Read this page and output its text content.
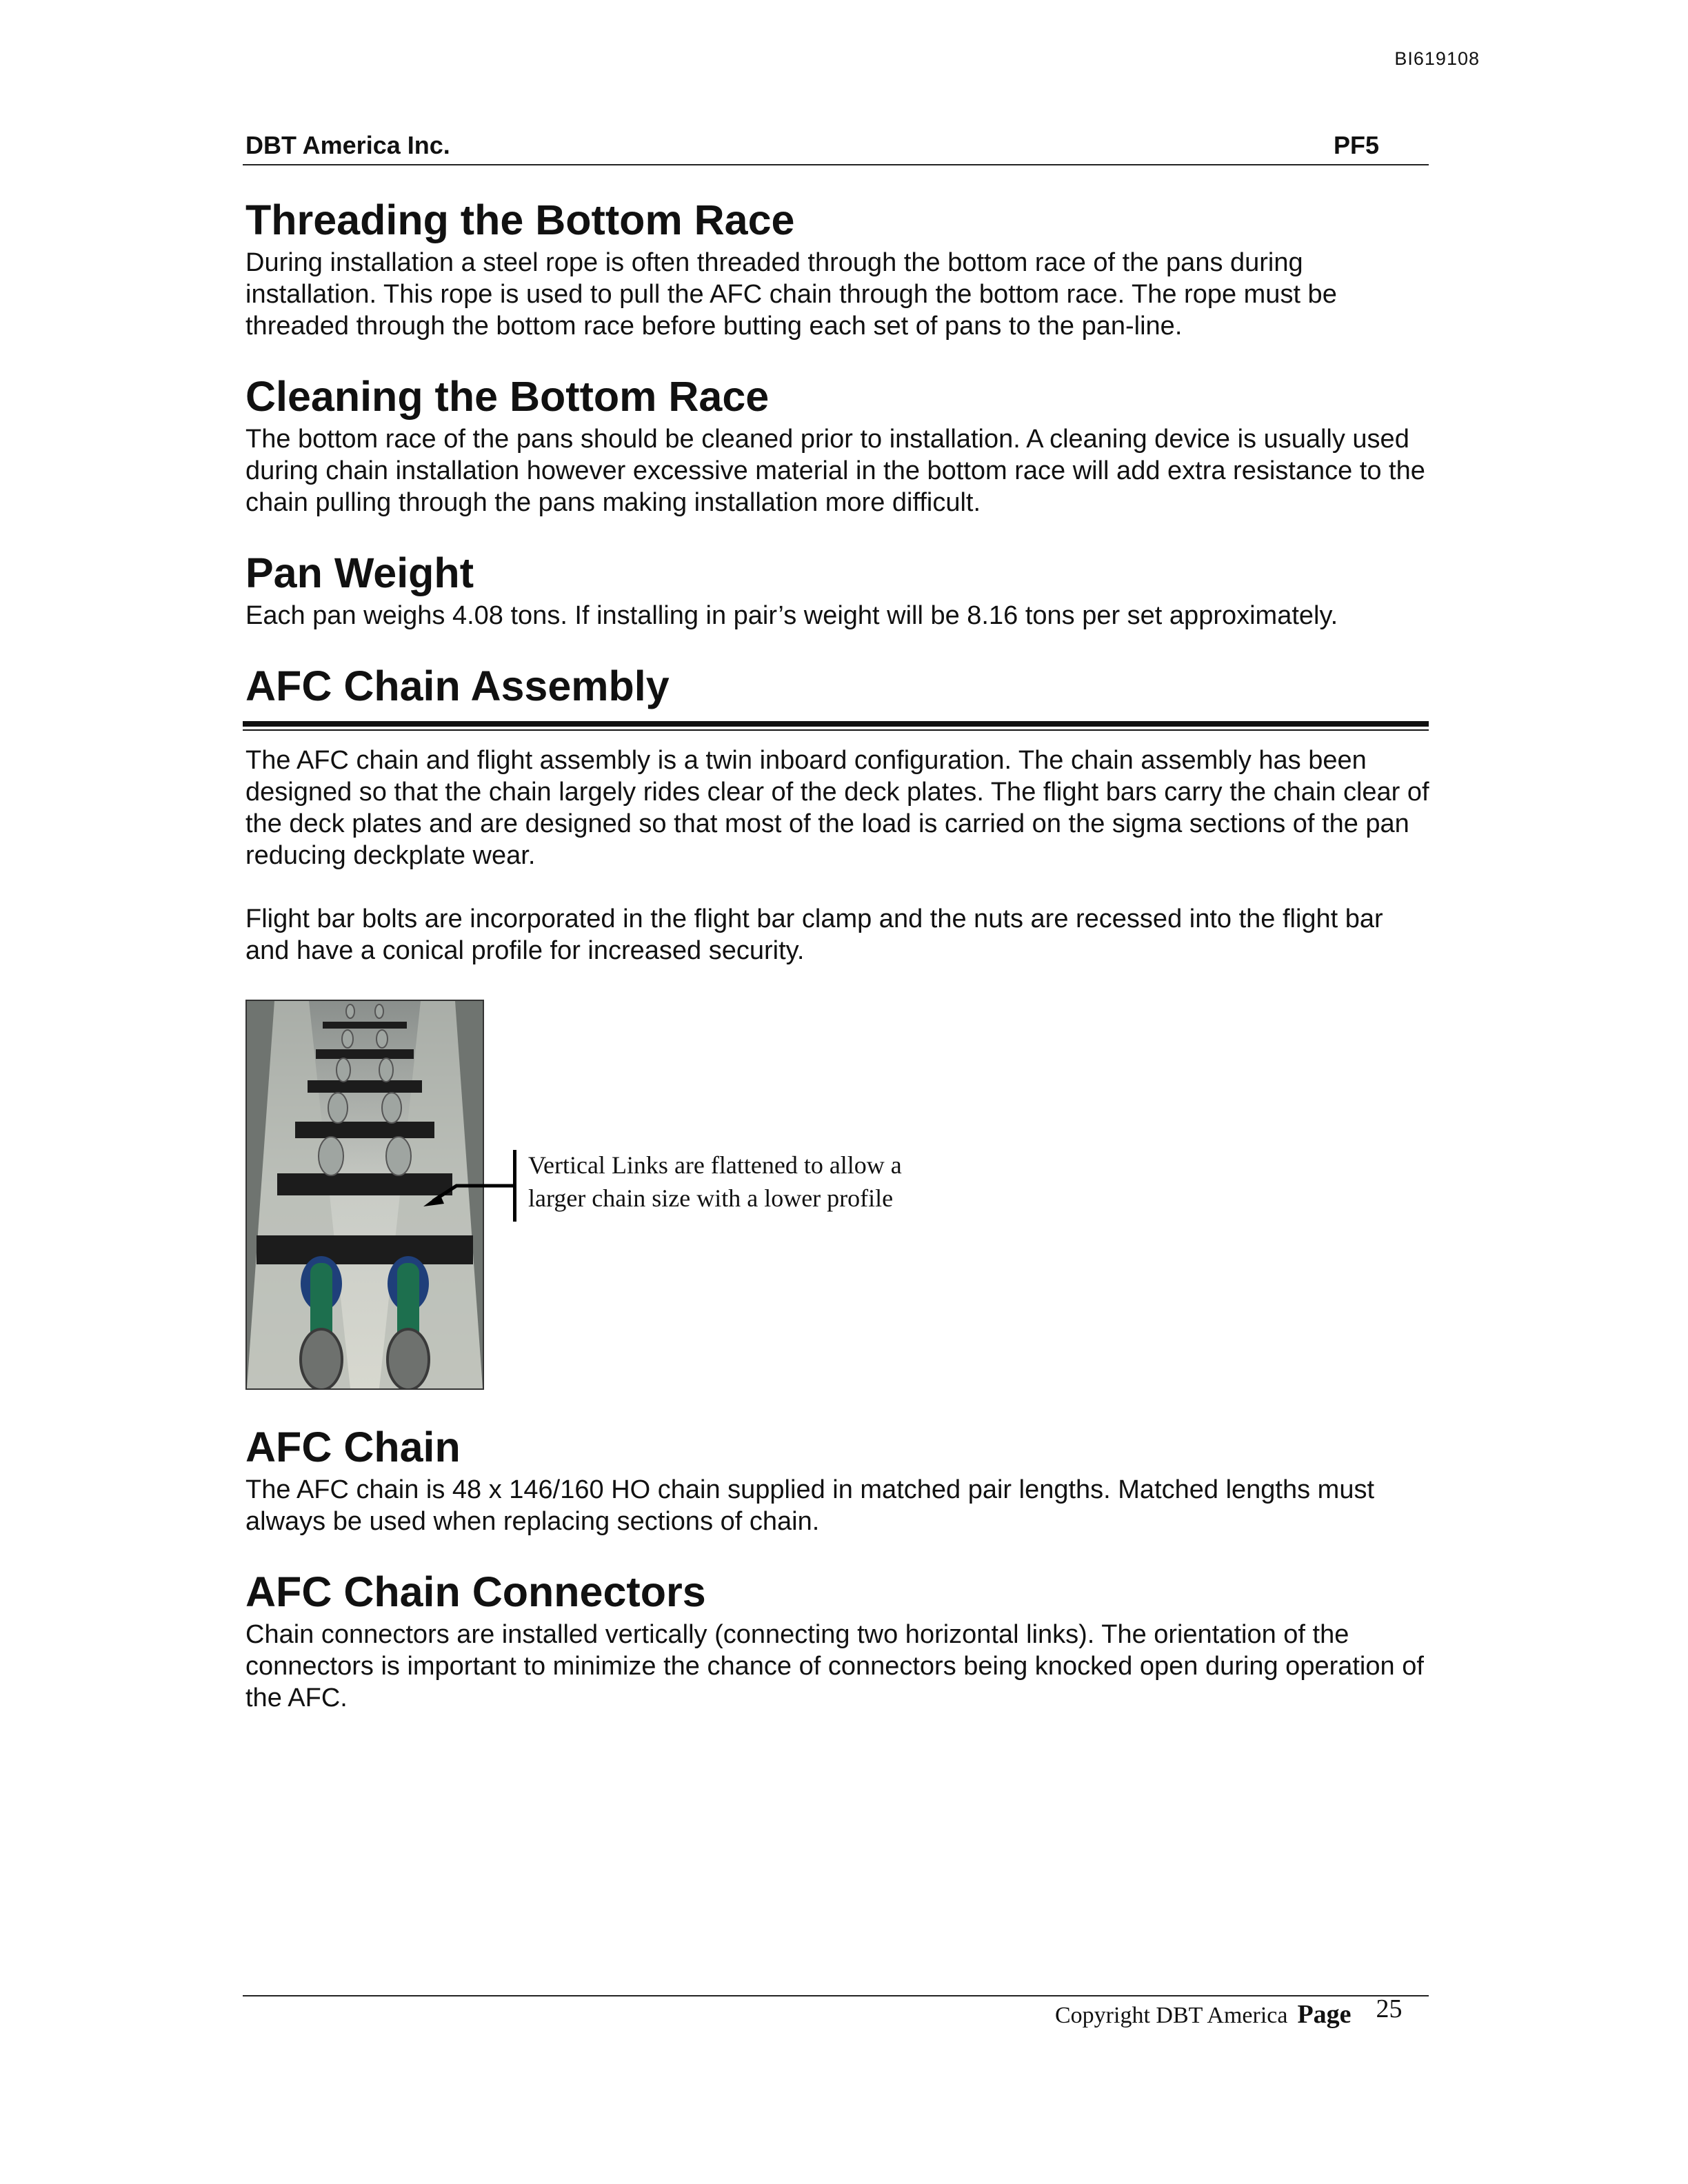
BI619108
DBT America Inc.	PF5
Threading the Bottom Race

During installation a steel rope is often threaded through the bottom race of the pans during installation. This rope is used to pull the AFC chain through the bottom race. The rope must be threaded through the bottom race before butting each set of pans to the pan-line.

Cleaning the Bottom Race

The bottom race of the pans should be cleaned prior to installation. A cleaning device is usually used during chain installation however excessive material in the bottom race will add extra resistance to the chain pulling through the pans making installation more difficult.

Pan Weight

Each pan weighs 4.08 tons. If installing in pair’s weight will be 8.16 tons per set approximately.

AFC Chain Assembly

The AFC chain and flight assembly is a twin inboard configuration. The chain assembly has been designed so that the chain largely rides clear of the deck plates. The flight bars carry the chain clear of the deck plates and are designed so that most of the load is carried on the sigma sections of the pan reducing deckplate wear.

Flight bar bolts are incorporated in the flight bar clamp and the nuts are recessed into the flight bar and have a conical profile for increased security.

Vertical Links are flattened to allow a
larger chain size with a lower profile
AFC Chain

The AFC chain is 48 x 146/160 HO chain supplied in matched pair lengths. Matched lengths must always be used when replacing sections of chain.

AFC Chain Connectors

Chain connectors are installed vertically (connecting two horizontal links). The orientation of the connectors is important to minimize the chance of connectors being knocked open during operation of the AFC.

Copyright DBT America Page 25
